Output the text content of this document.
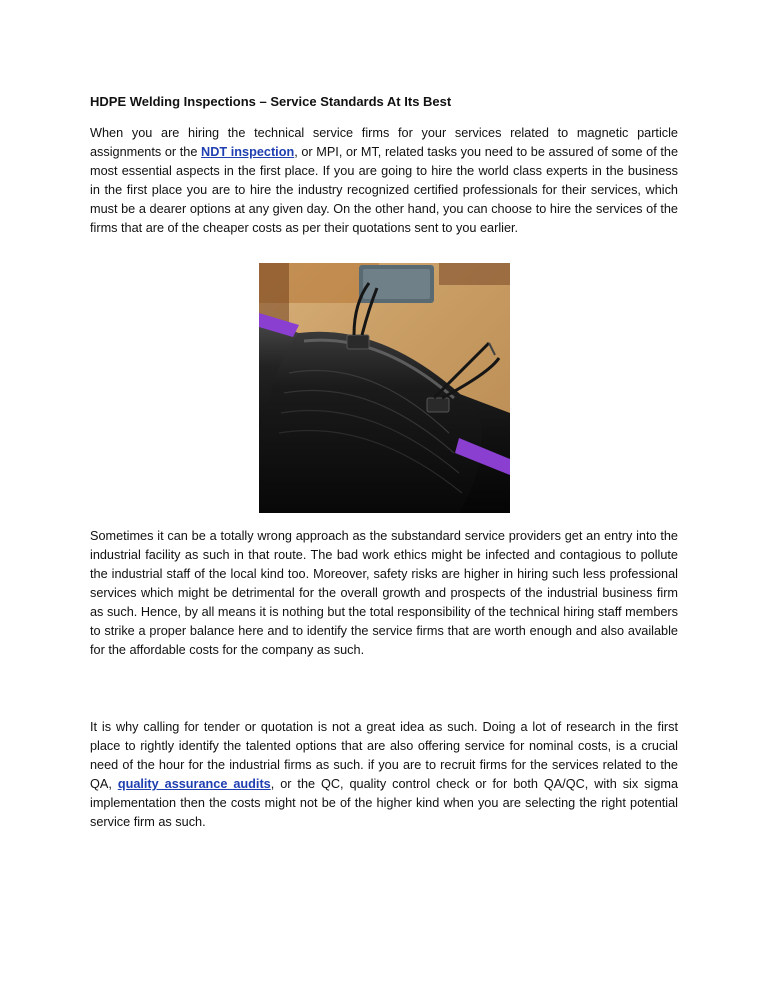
HDPE Welding Inspections – Service Standards At Its Best

When you are hiring the technical service firms for your services related to magnetic particle assignments or the NDT inspection, or MPI, or MT, related tasks you need to be assured of some of the most essential aspects in the first place. If you are going to hire the world class experts in the business in the first place you are to hire the industry recognized certified professionals for their services, which must be a dearer options at any given day. On the other hand, you can choose to hire the services of the firms that are of the cheaper costs as per their quotations sent to you earlier.

Sometimes it can be a totally wrong approach as the substandard service providers get an entry into the industrial facility as such in that route. The bad work ethics might be infected and contagious to pollute the industrial staff of the local kind too. Moreover, safety risks are higher in hiring such less professional services which might be detrimental for the overall growth and prospects of the industrial business firm as such. Hence, by all means it is nothing but the total responsibility of the technical hiring staff members to strike a proper balance here and to identify the service firms that are worth enough and also available for the affordable costs for the company as such.

It is why calling for tender or quotation is not a great idea as such. Doing a lot of research in the first place to rightly identify the talented options that are also offering service for nominal costs, is a crucial need of the hour for the industrial firms as such. if you are to recruit firms for the services related to the QA, quality assurance audits, or the QC, quality control check or for both QA/QC, with six sigma implementation then the costs might not be of the higher kind when you are selecting the right potential service firm as such.
